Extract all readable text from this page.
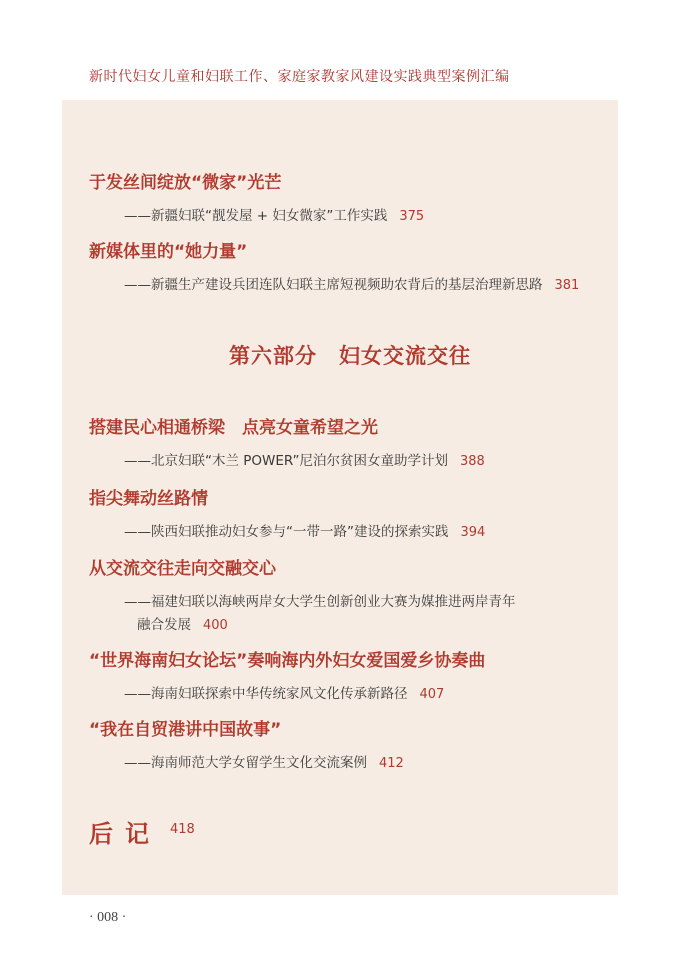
新时代妇女儿童和妇联工作、家庭家教家风建设实践典型案例汇编
于发丝间绽放“微家”光芒
——新疆妇联“靓发屋 + 妇女微家”工作实践 375
新媒体里的“她力量”
——新疆生产建设兵团连队妇联主席短视频助农背后的基层治理新思路 381
第六部分　妇女交流交往
搭建民心相通桥梁　点亮女童希望之光
——北京妇联“木兰 POWER”尼泊尔贫困女童助学计划 388
指尖舞动丝路情
——陕西妇联推动妇女参与“一带一路”建设的探索实践 394
从交流交往走向交融交心
——福建妇联以海峡两岸女大学生创新创业大赛为媒推进两岸青年
融合发展 400
“世界海南妇女论坛”奏响海内外妇女爱国爱乡协奏曲
——海南妇联探索中华传统家风文化传承新路径 407
“我在自贸港讲中国故事”
——海南师范大学女留学生文化交流案例 412
后记 418
· 008 ·
